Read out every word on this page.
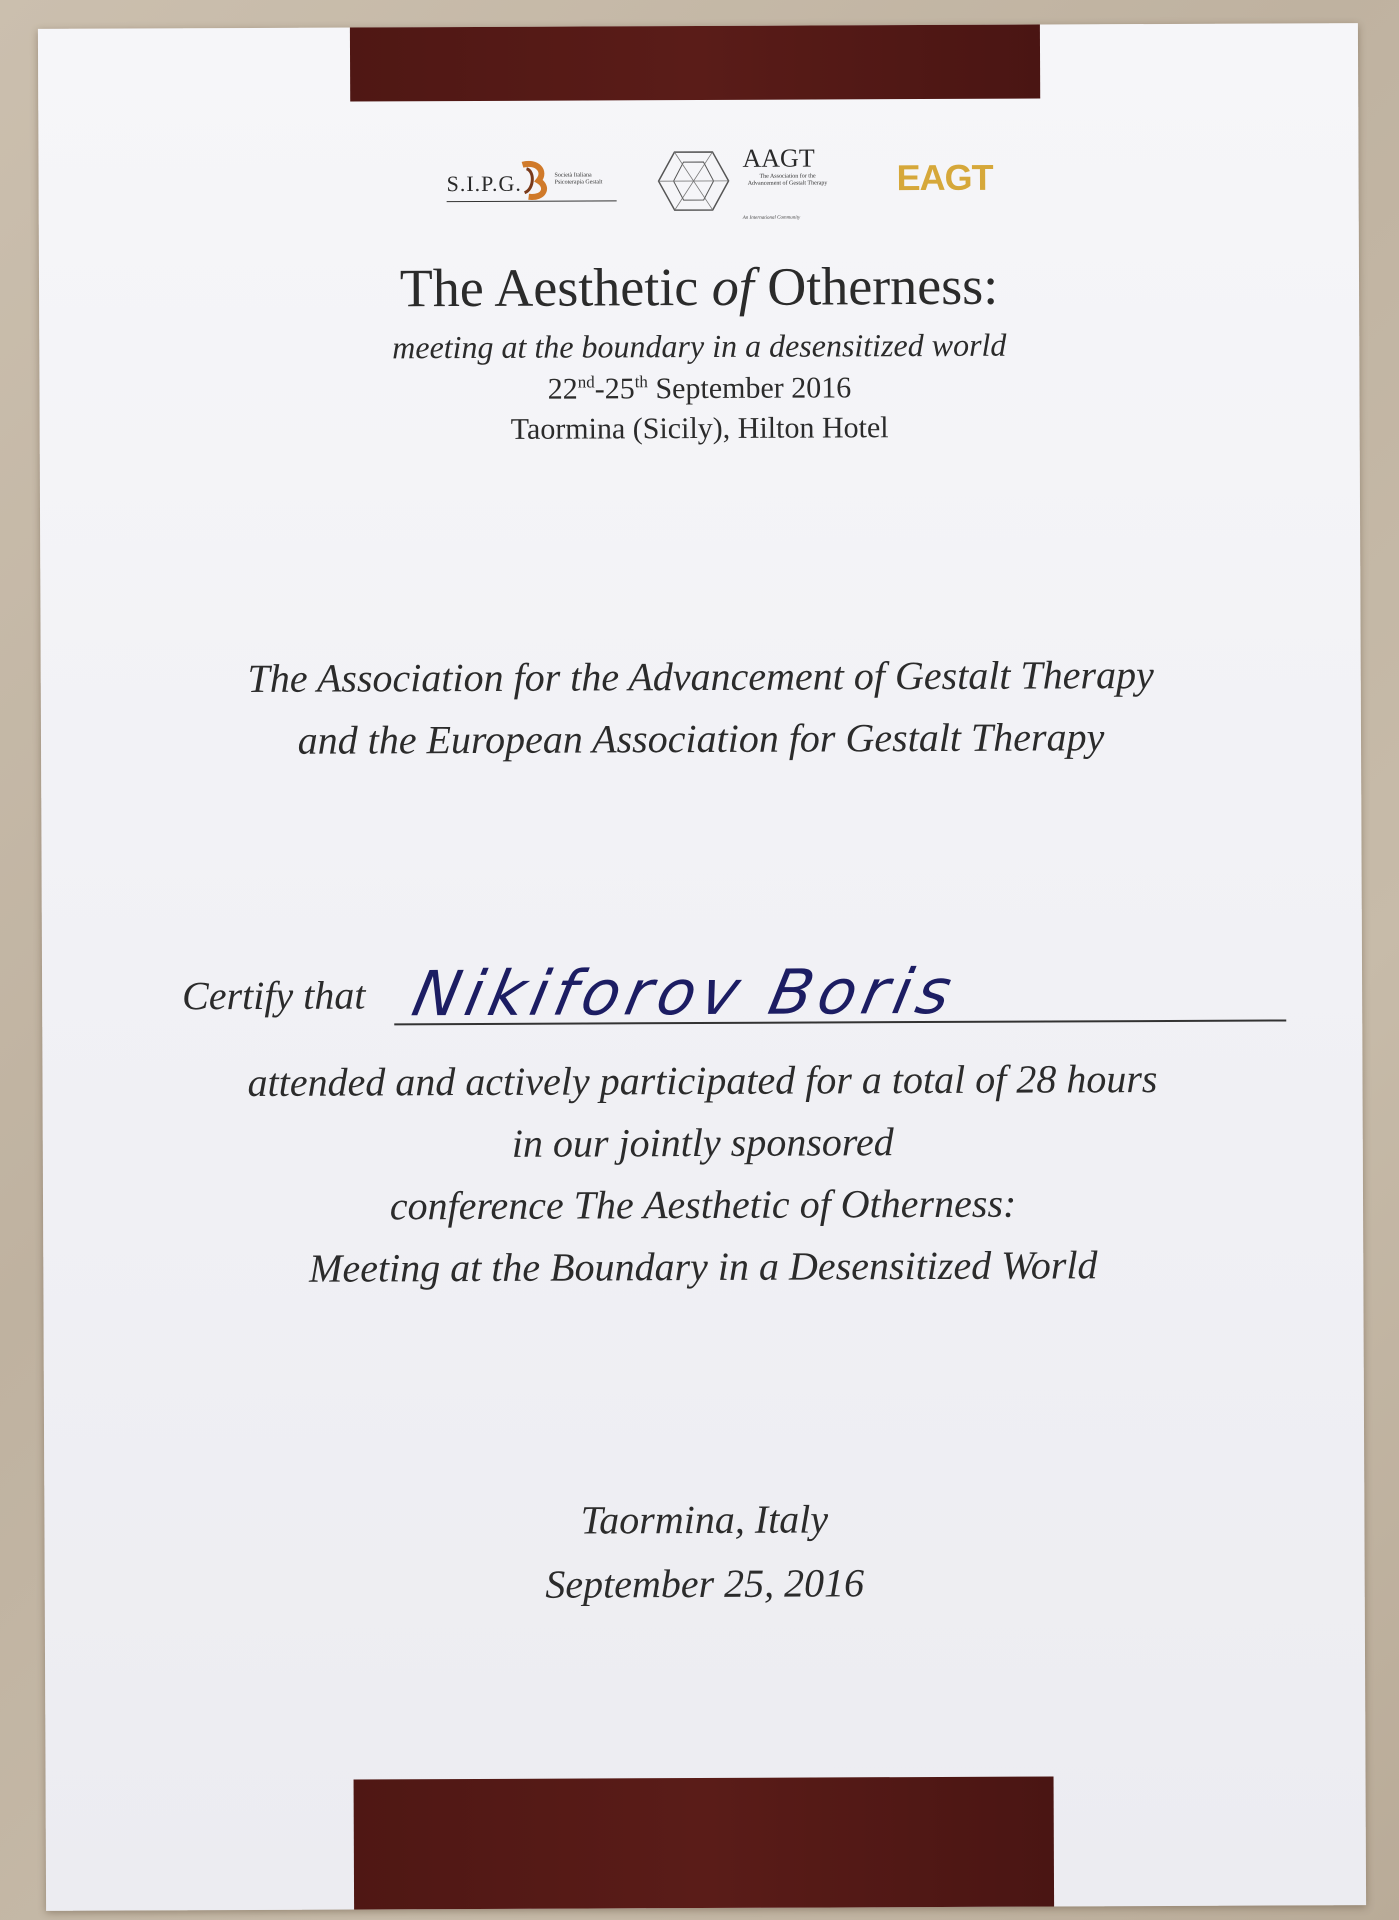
S.I.P.G.	Società Italiana Psicoterapia Gestalt
AAGT
The Association for the Advancement of Gestalt Therapy
An International Community
EAGT
The Aesthetic of Otherness:
meeting at the boundary in a desensitized world
22nd-25th September 2016
Taormina (Sicily), Hilton Hotel
The Association for the Advancement of Gestalt Therapy
and the European Association for Gestalt Therapy
Certify that Nikiforov Boris
attended and actively participated for a total of 28 hours
in our jointly sponsored
conference The Aesthetic of Otherness:
Meeting at the Boundary in a Desensitized World
Taormina, Italy
September 25, 2016
